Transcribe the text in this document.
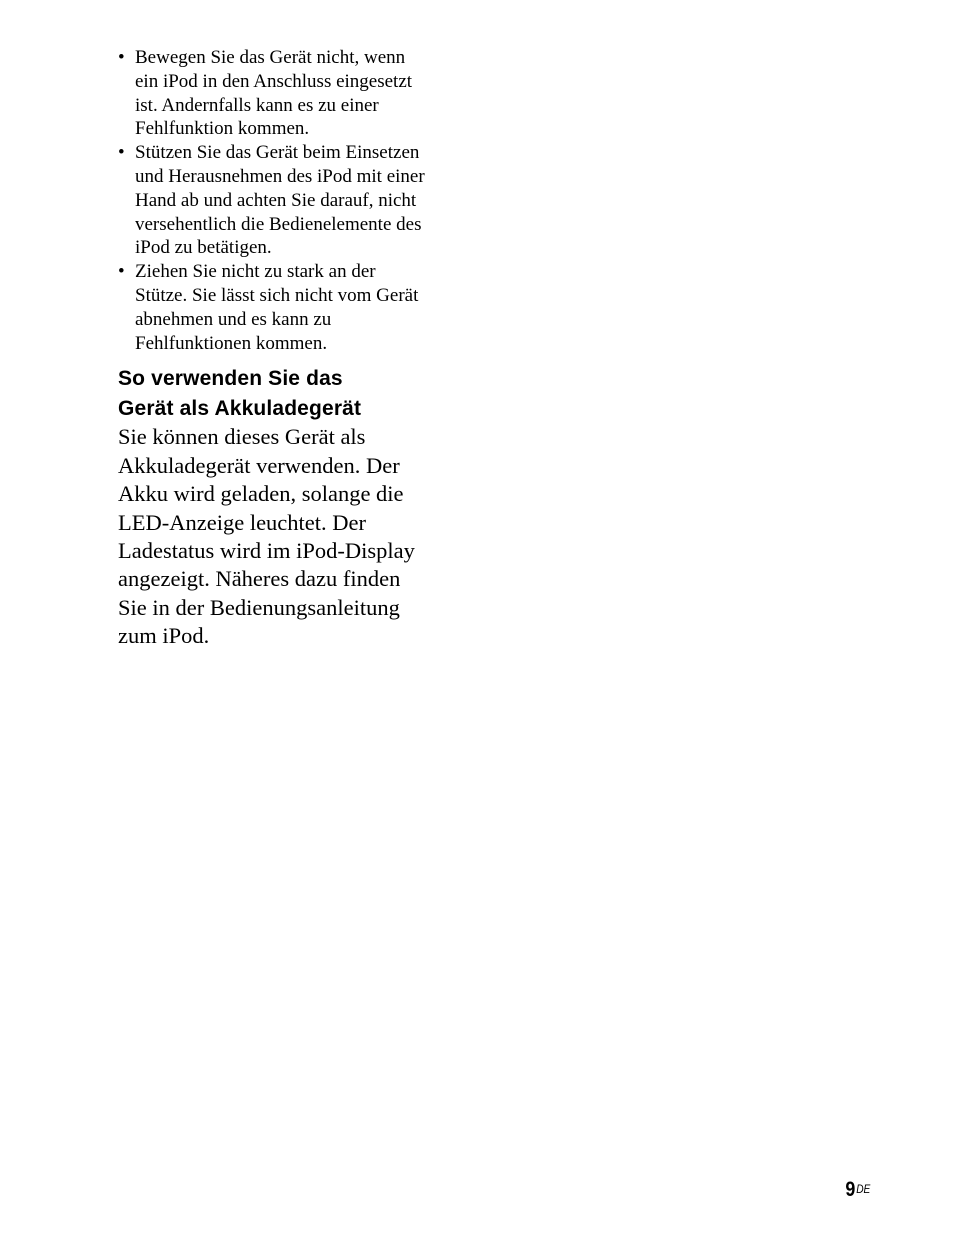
• Bewegen Sie das Gerät nicht, wenn
ein iPod in den Anschluss eingesetzt
ist. Andernfalls kann es zu einer
Fehlfunktion kommen.
• Stützen Sie das Gerät beim Einsetzen
und Herausnehmen des iPod mit einer
Hand ab und achten Sie darauf, nicht
versehentlich die Bedienelemente des
iPod zu betätigen.
• Ziehen Sie nicht zu stark an der
Stütze. Sie lässt sich nicht vom Gerät
abnehmen und es kann zu
Fehlfunktionen kommen.
So verwenden Sie das
Gerät als Akkuladegerät

Sie können dieses Gerät als
Akkuladegerät verwenden. Der
Akku wird geladen, solange die
LED-Anzeige leuchtet. Der
Ladestatus wird im iPod-Display
angezeigt. Näheres dazu finden
Sie in der Bedienungsanleitung
zum iPod.

9DE
